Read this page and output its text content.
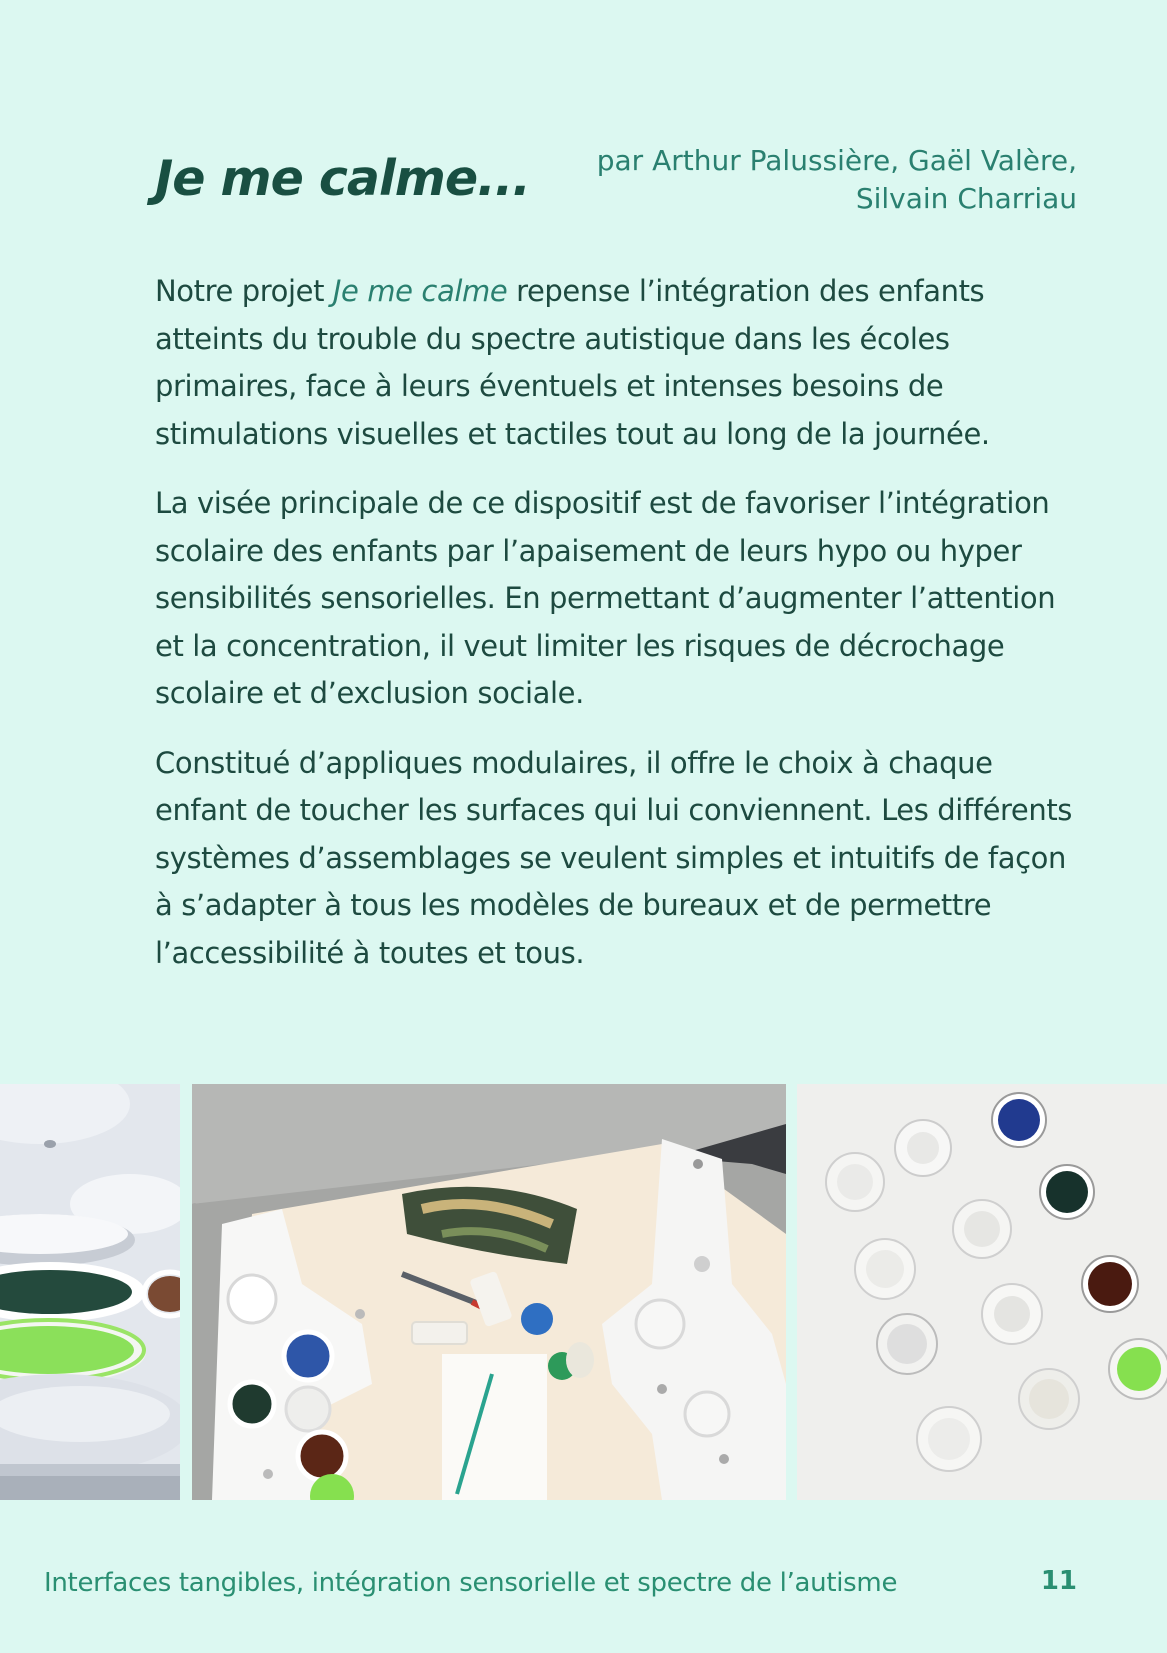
Je me calme...	par Arthur Palussière, Gaël Valère,
Silvain Charriau

Notre projet Je me calme repense l’intégration des enfants atteints du trouble du spectre autistique dans les écoles primaires, face à leurs éventuels et intenses besoins de stimulations visuelles et tactiles tout au long de la journée.

La visée principale de ce dispositif est de favoriser l’intégration scolaire des enfants par l’apaisement de leurs hypo ou hyper sensibilités sensorielles. En permettant d’augmenter l’attention et la concentration, il veut limiter les risques de décrochage scolaire et d’exclusion sociale.

Constitué d’appliques modulaires, il offre le choix à chaque enfant de toucher les surfaces qui lui conviennent. Les différents systèmes d’assemblages se veulent simples et intuitifs de façon à s’adapter à tous les modèles de bureaux et de permettre l’accessibilité à toutes et tous.

Interfaces tangibles, intégration sensorielle et spectre de l’autisme	11
